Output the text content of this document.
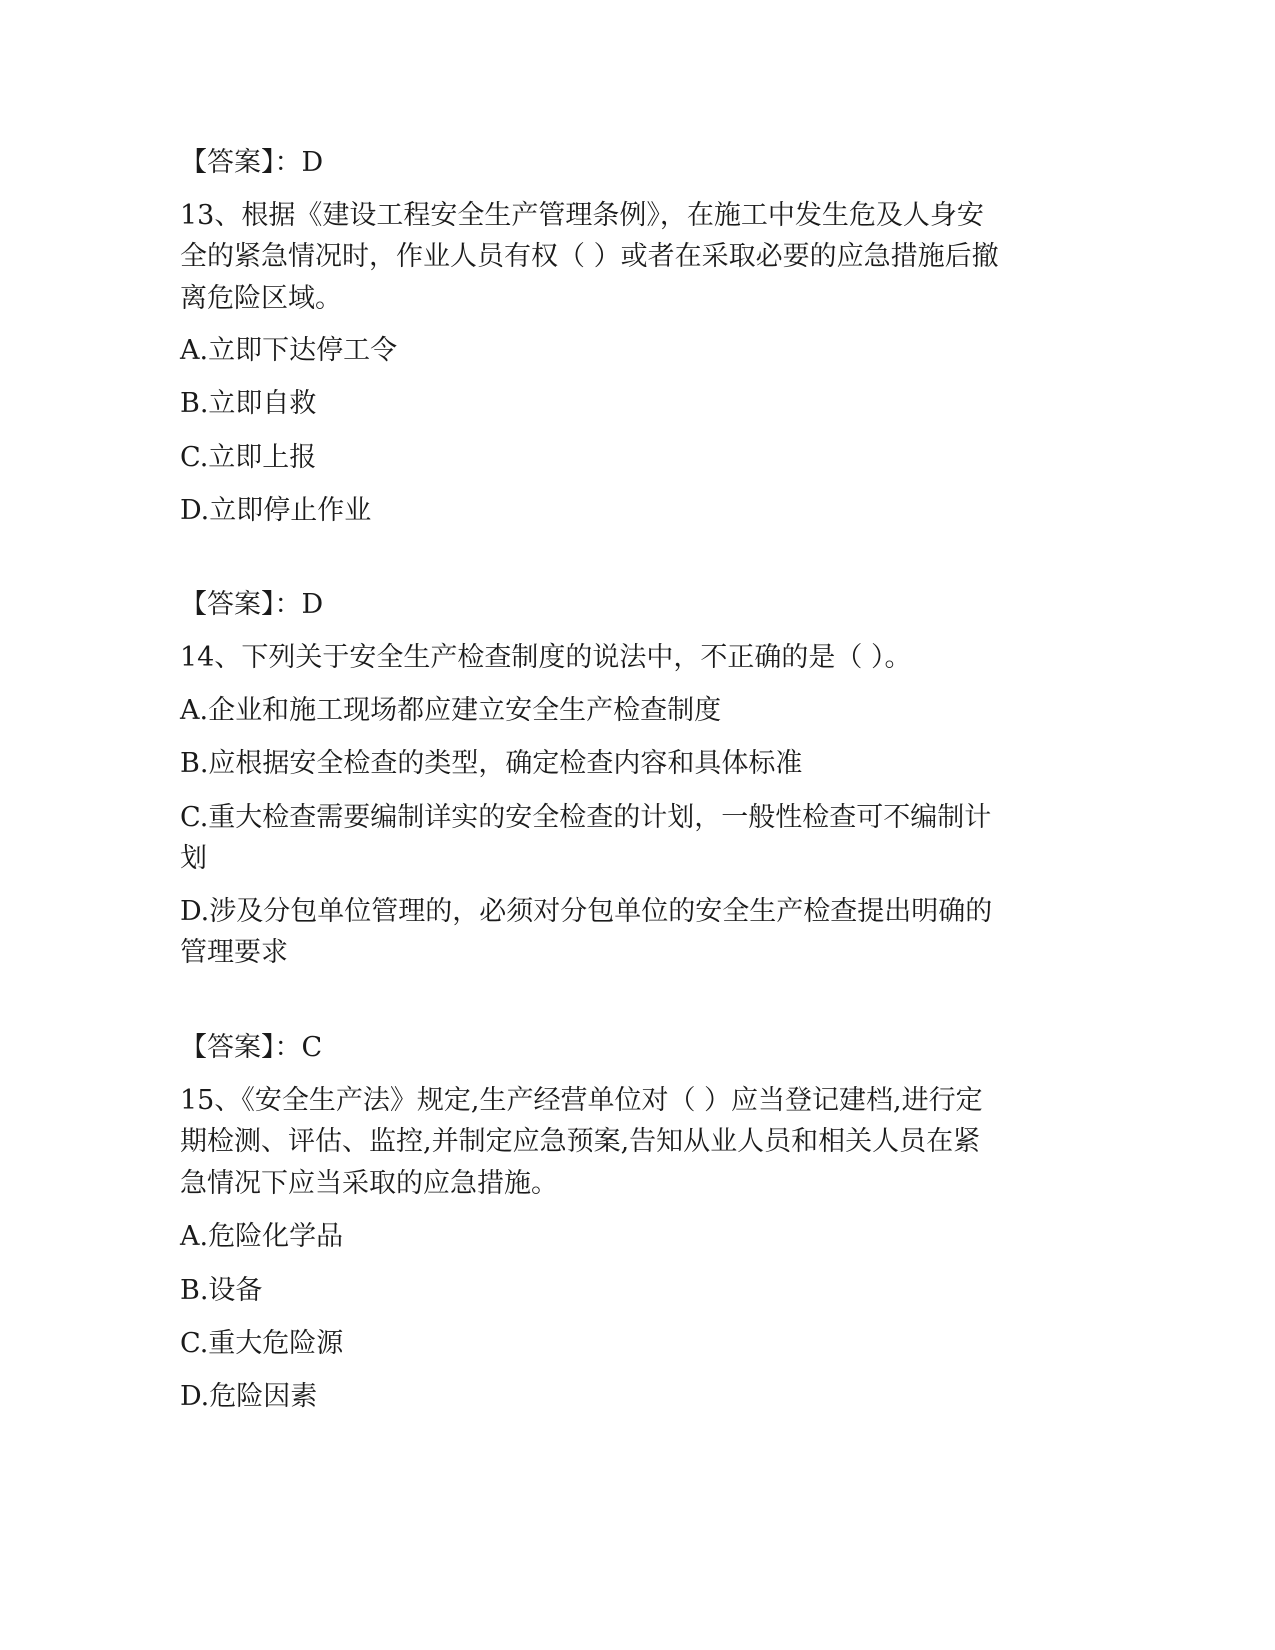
【答案】：D
13、根据《建设工程安全生产管理条例》，在施工中发生危及人身安
全的紧急情况时，作业人员有权（ ）或者在采取必要的应急措施后撤
离危险区域。
A.立即下达停工令
B.立即自救
C.立即上报
D.立即停止作业
【答案】：D
14、下列关于安全生产检查制度的说法中，不正确的是（ ）。
A.企业和施工现场都应建立安全生产检查制度
B.应根据安全检查的类型，确定检查内容和具体标准
C.重大检查需要编制详实的安全检查的计划，一般性检查可不编制计
划
D.涉及分包单位管理的，必须对分包单位的安全生产检查提出明确的
管理要求
【答案】：C
15、《安全生产法》规定,生产经营单位对（ ）应当登记建档,进行定
期检测、评估、监控,并制定应急预案,告知从业人员和相关人员在紧
急情况下应当采取的应急措施。
A.危险化学品
B.设备
C.重大危险源
D.危险因素
